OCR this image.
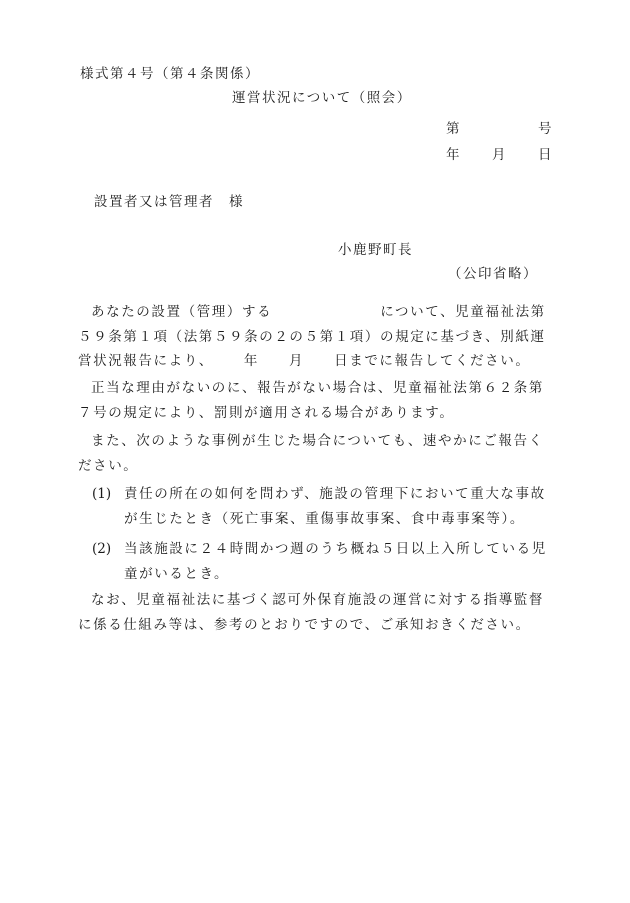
様式第４号（第４条関係）
運営状況について（照会）
第	号
年 月 日
設置者又は管理者　様
小鹿野町長
（公印省略）
あなたの設置（管理）する	について、児童福祉法第５９条第１項（法第５９条の２の５第１項）の規定に基づき、別紙運営状況報告により、 年 月 日までに報告してください。
正当な理由がないのに、報告がない場合は、児童福祉法第６２条第７号の規定により、罰則が適用される場合があります。
また、次のような事例が生じた場合についても、速やかにご報告ください。
(1) 責任の所在の如何を問わず、施設の管理下において重大な事故が生じたとき（死亡事案、重傷事故事案、食中毒事案等）。
(2) 当該施設に２４時間かつ週のうち概ね５日以上入所している児童がいるとき。
なお、児童福祉法に基づく認可外保育施設の運営に対する指導監督に係る仕組み等は、参考のとおりですので、ご承知おきください。
